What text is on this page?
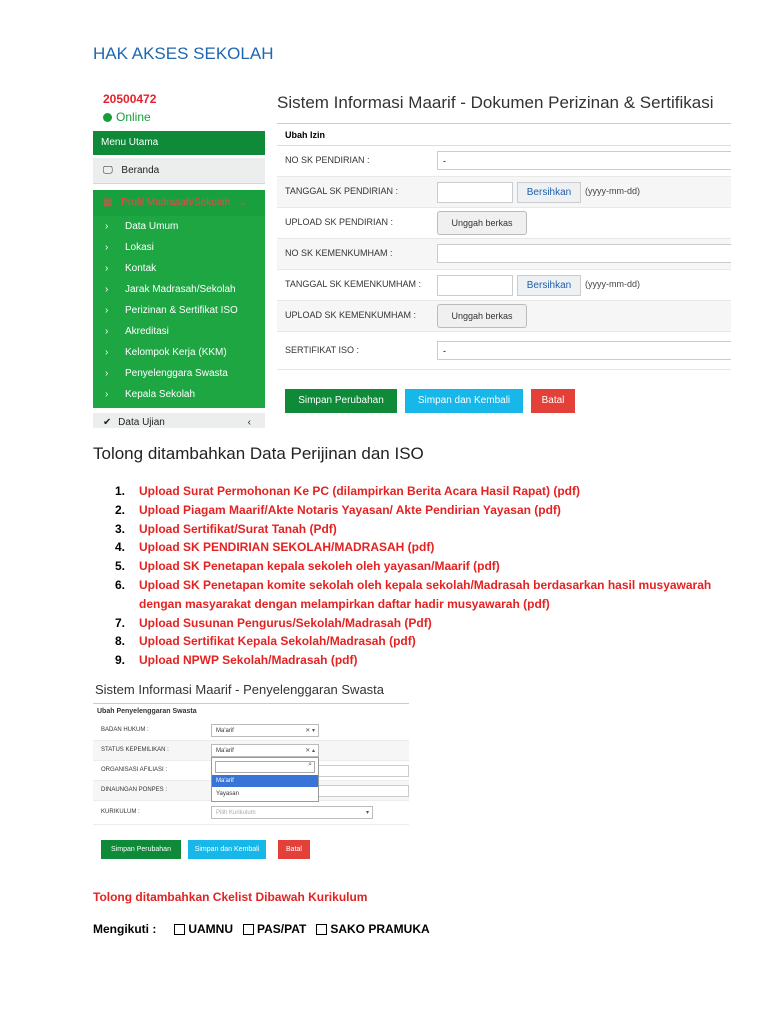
HAK AKSES SEKOLAH
20500472
Online
Menu Utama
🖵 Beranda
▦ Profil Madrasah/Sekolah ⌄
› Data Umum
› Lokasi
› Kontak
› Jarak Madrasah/Sekolah
› Perizinan & Sertifikat ISO
› Akreditasi
› Kelompok Kerja (KKM)
› Penyelenggara Swasta
› Kepala Sekolah
✔ Data Ujian	‹
Sistem Informasi Maarif - Dokumen Perizinan & Sertifikasi
Ubah Izin
NO SK PENDIRIAN :	-
TANGGAL SK PENDIRIAN :	Bersihkan	(yyyy-mm-dd)
UPLOAD SK PENDIRIAN :	Unggah berkas
NO SK KEMENKUMHAM :
TANGGAL SK KEMENKUMHAM :	Bersihkan	(yyyy-mm-dd)
UPLOAD SK KEMENKUMHAM :	Unggah berkas
SERTIFIKAT ISO :	-
Simpan Perubahan	Simpan dan Kembali	Batal
Tolong ditambahkan Data Perijinan dan ISO
1. Upload Surat Permohonan Ke PC (dilampirkan Berita Acara Hasil Rapat) (pdf)
2. Upload Piagam Maarif/Akte Notaris Yayasan/ Akte Pendirian Yayasan (pdf)
3. Upload Sertifikat/Surat Tanah (Pdf)
4. Upload SK PENDIRIAN SEKOLAH/MADRASAH (pdf)
5. Upload SK Penetapan kepala sekoleh oleh yayasan/Maarif (pdf)
6. Upload SK Penetapan komite sekolah oleh kepala sekolah/Madrasah berdasarkan hasil musyawarah dengan masyarakat dengan melampirkan daftar hadir musyawarah (pdf)
7. Upload Susunan Pengurus/Sekolah/Madrasah (Pdf)
8. Upload Sertifikat Kepala Sekolah/Madrasah (pdf)
9. Upload NPWP Sekolah/Madrasah (pdf)
Sistem Informasi Maarif - Penyelenggaran Swasta
Ubah Penyelenggaran Swasta
BADAN HUKUM :	Ma'arif	✕ ▾
STATUS KEPEMILIKAN :	Ma'arif	✕ ▴
ORGANISASI AFILIASI :
DINAUNGAN PONPES :
KURIKULUM :	Pilih Kurikulum	▾
⌕
Ma'arif
Yayasan
Simpan Perubahan	Simpan dan Kembali	Batal
Tolong ditambahkan Ckelist Dibawah Kurikulum
Mengikuti :	UAMNU PAS/PAT SAKO PRAMUKA
